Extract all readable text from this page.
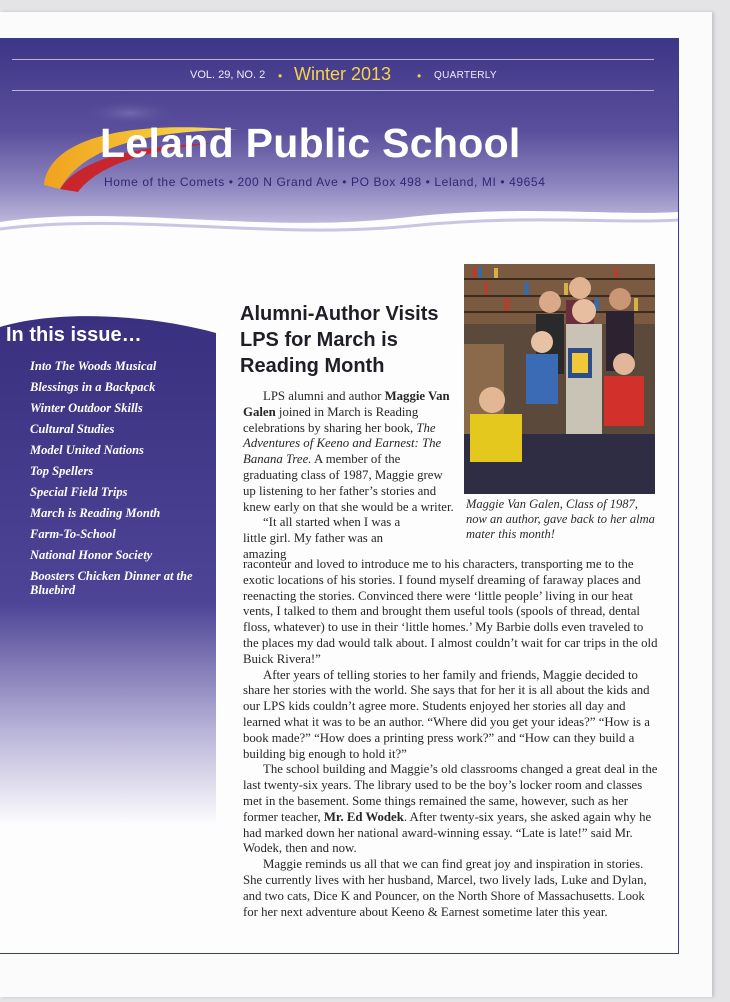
VOL. 29, NO. 2 • Winter 2013 • QUARTERLY
Leland Public School
Home of the Comets • 200 N Grand Ave • PO Box 498 • Leland, MI • 49654
In this issue…
Into The Woods Musical
Blessings in a Backpack
Winter Outdoor Skills
Cultural Studies
Model United Nations
Top Spellers
Special Field Trips
March is Reading Month
Farm-To-School
National Honor Society
Boosters Chicken Dinner at the Bluebird
Alumni-Author Visits LPS for March is Reading Month

Maggie Van Galen, Class of 1987, now an author, gave back to her alma mater this month!

LPS alumni and author Maggie Van Galen joined in March is Reading celebrations by sharing her book, The Adventures of Keeno and Earnest: The Banana Tree. A member of the graduating class of 1987, Maggie grew up listening to her father’s stories and knew early on that she would be a writer.

“It all started when I was a little girl. My father was an amazing

raconteur and loved to introduce me to his characters, transporting me to the exotic locations of his stories. I found myself dreaming of faraway places and reenacting the stories. Convinced there were ‘little people’ living in our heat vents, I talked to them and brought them useful tools (spools of thread, dental floss, whatever) to use in their ‘little homes.’ My Barbie dolls even traveled to the places my dad would talk about. I almost couldn’t wait for car trips in the old Buick Rivera!”

After years of telling stories to her family and friends, Maggie decided to share her stories with the world. She says that for her it is all about the kids and our LPS kids couldn’t agree more. Students enjoyed her stories all day and learned what it was to be an author. “Where did you get your ideas?” “How is a book made?” “How does a printing press work?” and “How can they build a building big enough to hold it?”

The school building and Maggie’s old classrooms changed a great deal in the last twenty-six years. The library used to be the boy’s locker room and classes met in the basement. Some things remained the same, however, such as her former teacher, Mr. Ed Wodek. After twenty-six years, she asked again why he had marked down her national award-winning essay. “Late is late!” said Mr. Wodek, then and now.

Maggie reminds us all that we can find great joy and inspiration in stories. She currently lives with her husband, Marcel, two lively lads, Luke and Dylan, and two cats, Dice K and Pouncer, on the North Shore of Massachusetts. Look for her next adventure about Keeno & Earnest sometime later this year.
